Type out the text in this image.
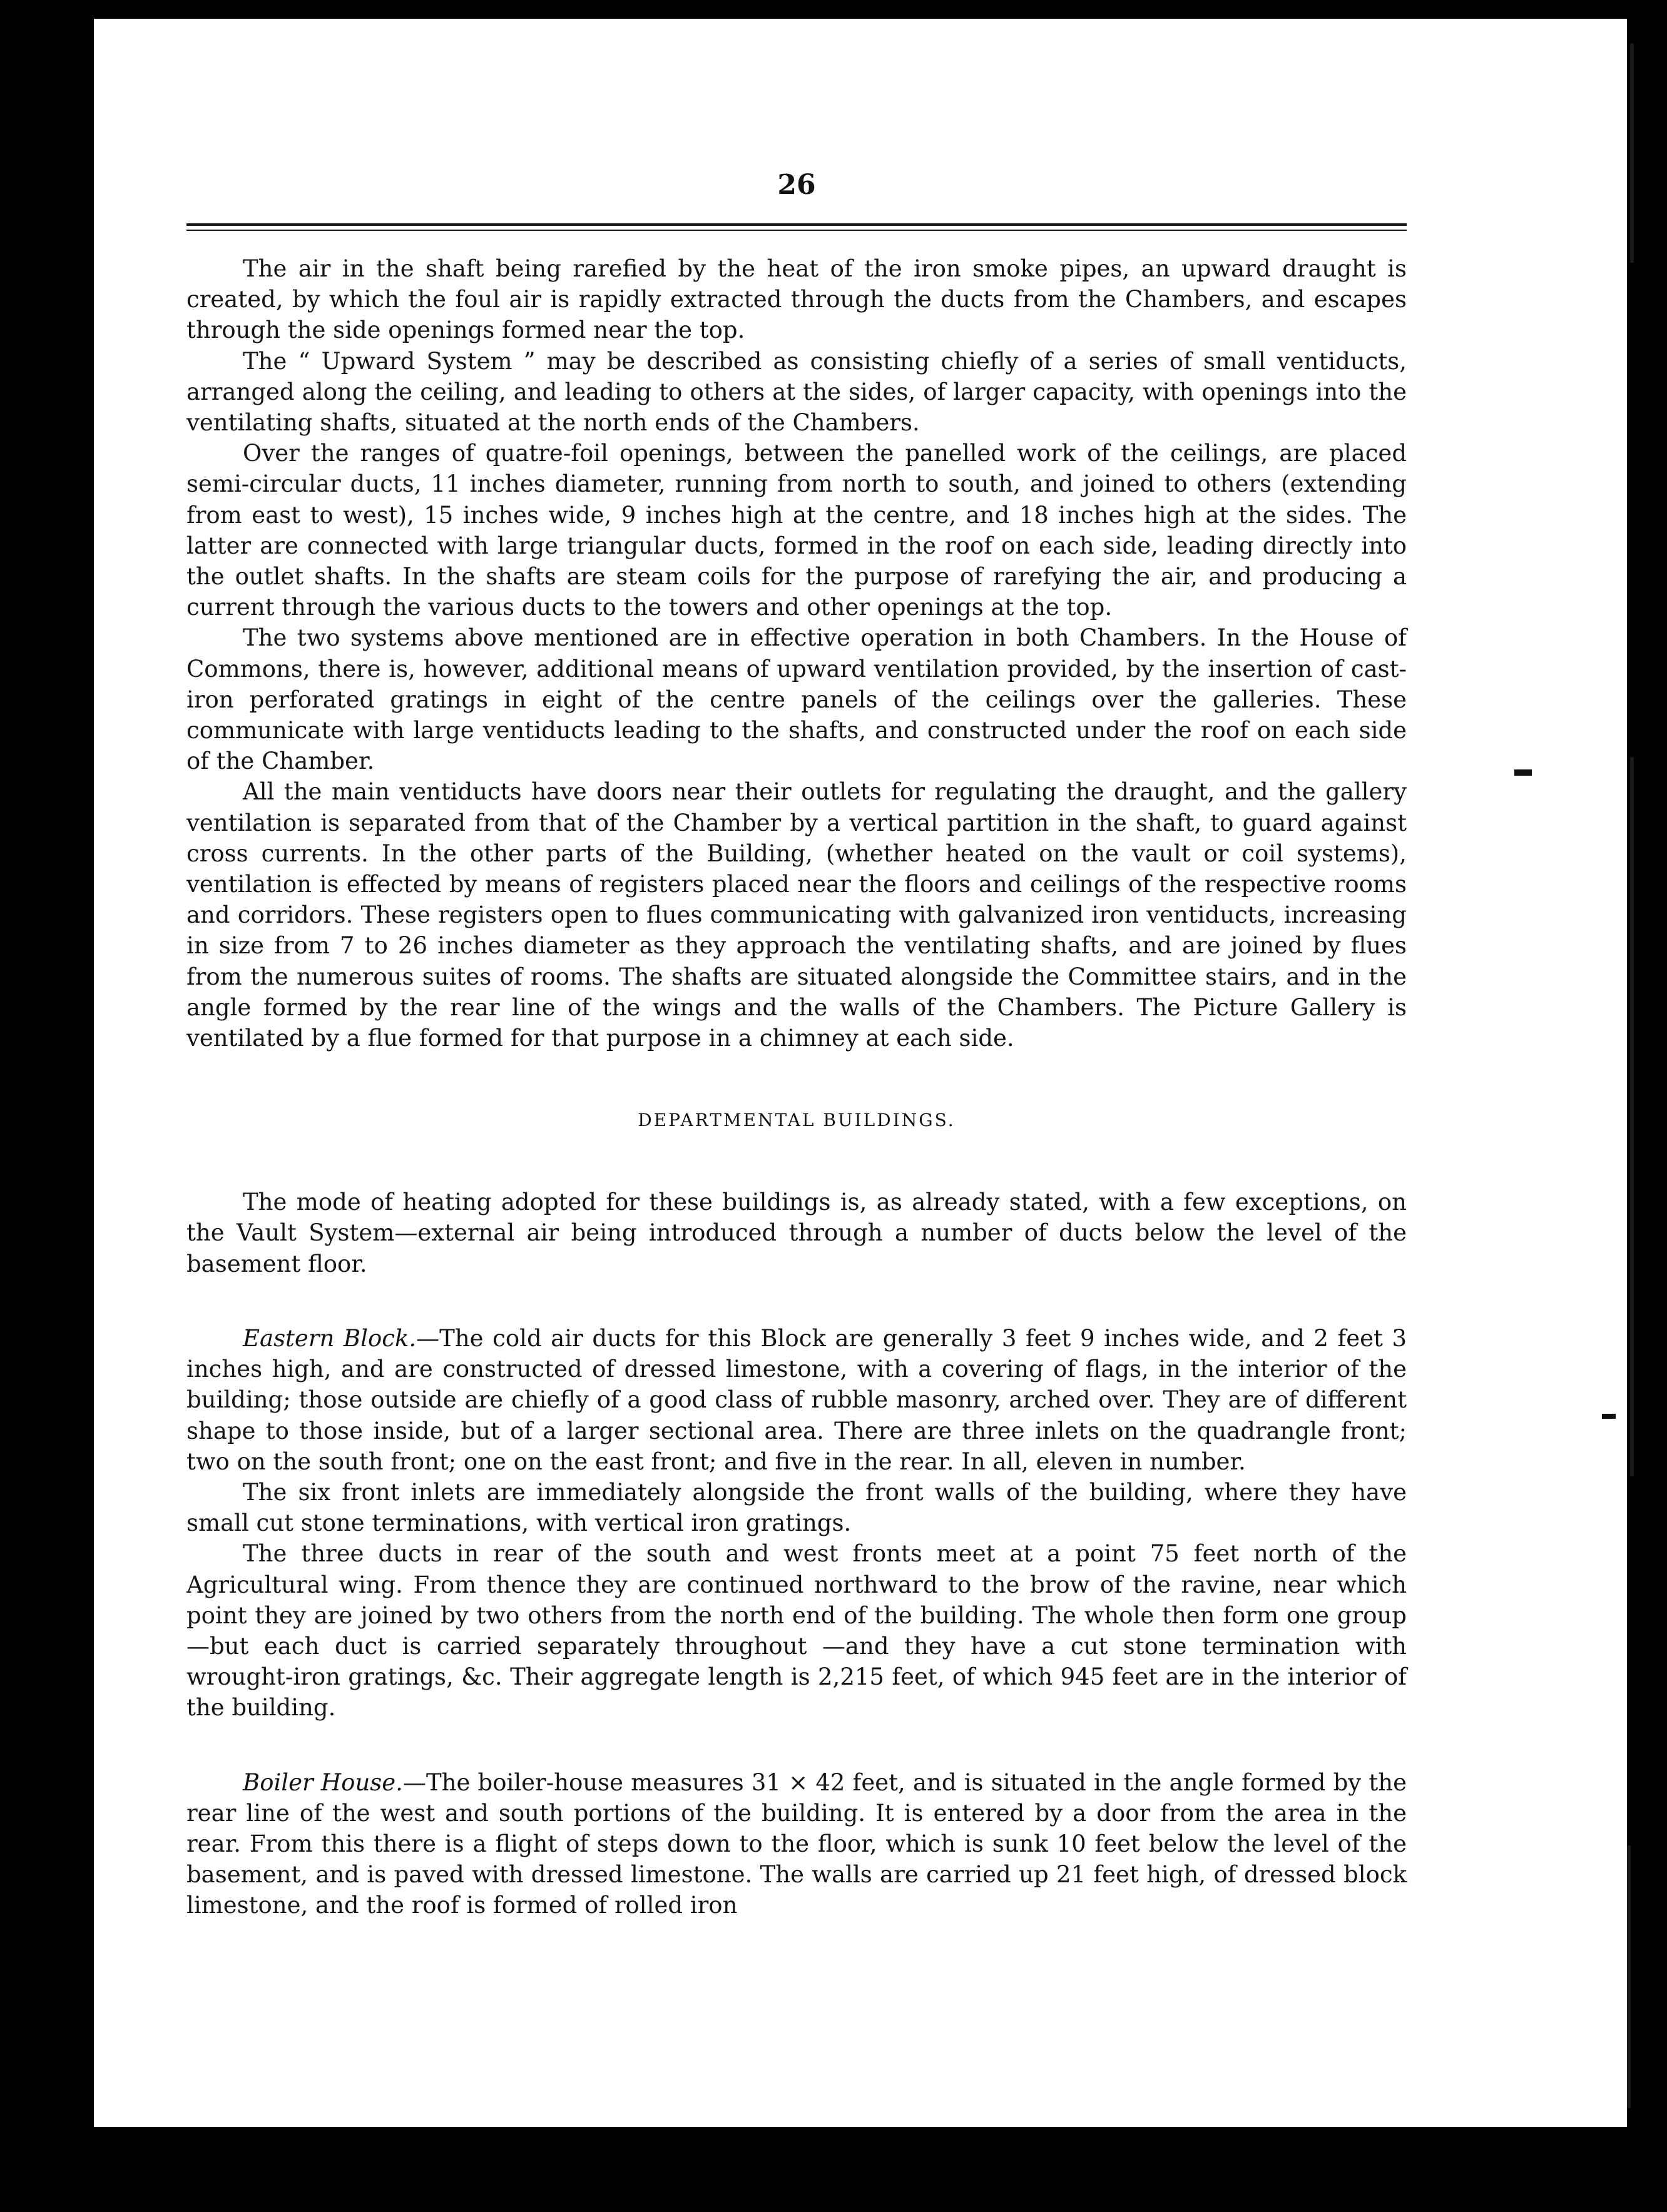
26

The air in the shaft being rarefied by the heat of the iron smoke pipes, an upward draught is created, by which the foul air is rapidly extracted through the ducts from the Chambers, and escapes through the side openings formed near the top.

The “ Upward System ” may be described as consisting chiefly of a series of small ventiducts, arranged along the ceiling, and leading to others at the sides, of larger capacity, with openings into the ventilating shafts, situated at the north ends of the Chambers.

Over the ranges of quatre-foil openings, between the panelled work of the ceilings, are placed semi-circular ducts, 11 inches diameter, running from north to south, and joined to others (extending from east to west), 15 inches wide, 9 inches high at the centre, and 18 inches high at the sides. The latter are connected with large triangular ducts, formed in the roof on each side, leading directly into the outlet shafts. In the shafts are steam coils for the purpose of rarefying the air, and producing a current through the various ducts to the towers and other openings at the top.

The two systems above mentioned are in effective operation in both Chambers. In the House of Commons, there is, however, additional means of upward ventilation provided, by the insertion of cast-iron perforated gratings in eight of the centre panels of the ceilings over the galleries. These communicate with large ventiducts leading to the shafts, and constructed under the roof on each side of the Chamber.

All the main ventiducts have doors near their outlets for regulating the draught, and the gallery ventilation is separated from that of the Chamber by a vertical partition in the shaft, to guard against cross currents. In the other parts of the Building, (whether heated on the vault or coil systems), ventilation is effected by means of registers placed near the floors and ceilings of the respective rooms and corridors. These registers open to flues communicating with galvanized iron ventiducts, increasing in size from 7 to 26 inches diameter as they approach the ventilating shafts, and are joined by flues from the numerous suites of rooms. The shafts are situated alongside the Committee stairs, and in the angle formed by the rear line of the wings and the walls of the Chambers. The Picture Gallery is ventilated by a flue formed for that purpose in a chimney at each side.

DEPARTMENTAL BUILDINGS.

The mode of heating adopted for these buildings is, as already stated, with a few exceptions, on the Vault System—external air being introduced through a number of ducts below the level of the basement floor.

Eastern Block.—The cold air ducts for this Block are generally 3 feet 9 inches wide, and 2 feet 3 inches high, and are constructed of dressed limestone, with a covering of flags, in the interior of the building; those outside are chiefly of a good class of rubble masonry, arched over. They are of different shape to those inside, but of a larger sectional area. There are three inlets on the quadrangle front; two on the south front; one on the east front; and five in the rear. In all, eleven in number.

The six front inlets are immediately alongside the front walls of the building, where they have small cut stone terminations, with vertical iron gratings.

The three ducts in rear of the south and west fronts meet at a point 75 feet north of the Agricultural wing. From thence they are continued northward to the brow of the ravine, near which point they are joined by two others from the north end of the building. The whole then form one group—but each duct is carried separately throughout —and they have a cut stone termination with wrought-iron gratings, &c. Their aggregate length is 2,215 feet, of which 945 feet are in the interior of the building.

Boiler House.—The boiler-house measures 31 × 42 feet, and is situated in the angle formed by the rear line of the west and south portions of the building. It is entered by a door from the area in the rear. From this there is a flight of steps down to the floor, which is sunk 10 feet below the level of the basement, and is paved with dressed limestone. The walls are carried up 21 feet high, of dressed block limestone, and the roof is formed of rolled iron
